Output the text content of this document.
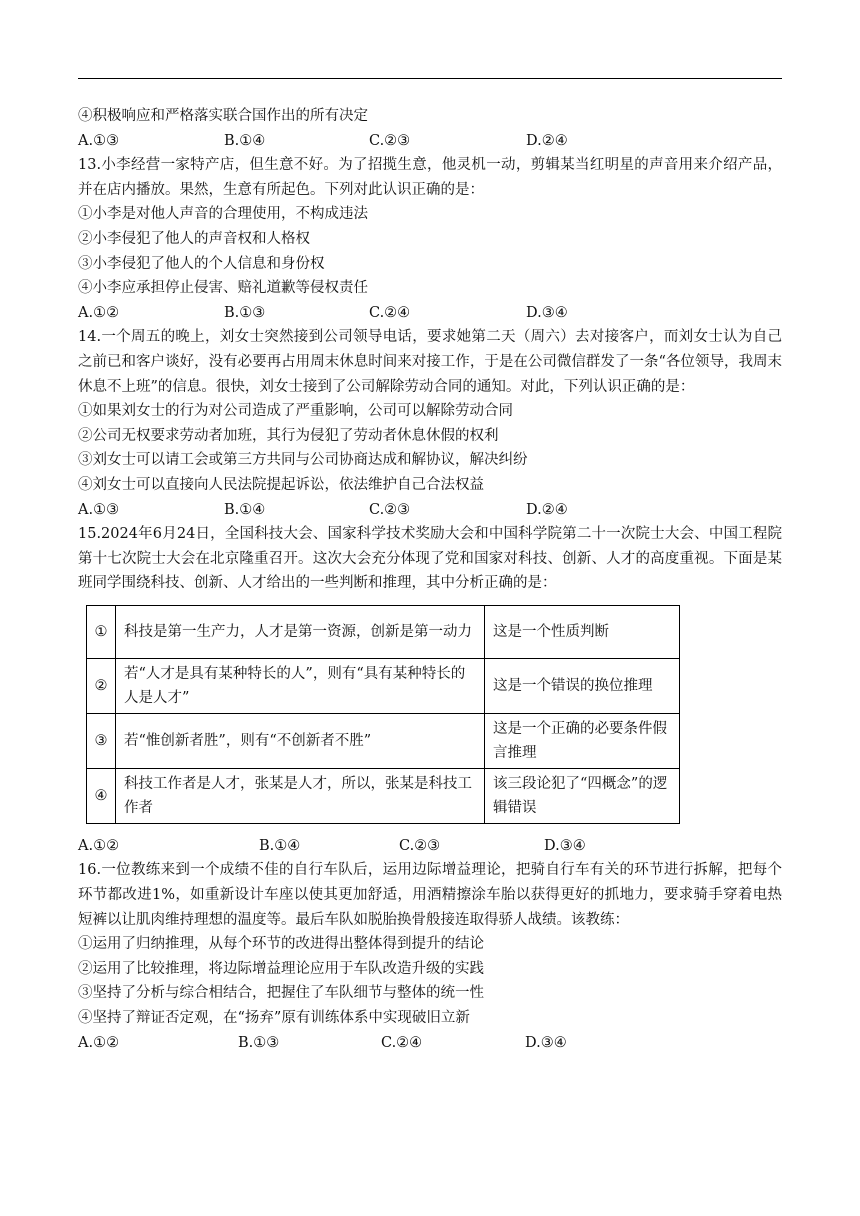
④积极响应和严格落实联合国作出的所有决定
A.①③	B.①④	C.②③	D.②④
13.小李经营一家特产店，但生意不好。为了招揽生意，他灵机一动，剪辑某当红明星的声音用来介绍产品，并在店内播放。果然，生意有所起色。下列对此认识正确的是：
①小李是对他人声音的合理使用，不构成违法
②小李侵犯了他人的声音权和人格权
③小李侵犯了他人的个人信息和身份权
④小李应承担停止侵害、赔礼道歉等侵权责任
A.①②	B.①③	C.②④	D.③④
14.一个周五的晚上，刘女士突然接到公司领导电话，要求她第二天（周六）去对接客户，而刘女士认为自己之前已和客户谈好，没有必要再占用周末休息时间来对接工作，于是在公司微信群发了一条“各位领导，我周末休息不上班”的信息。很快，刘女士接到了公司解除劳动合同的通知。对此，下列认识正确的是：
①如果刘女士的行为对公司造成了严重影响，公司可以解除劳动合同
②公司无权要求劳动者加班，其行为侵犯了劳动者休息休假的权利
③刘女士可以请工会或第三方共同与公司协商达成和解协议，解决纠纷
④刘女士可以直接向人民法院提起诉讼，依法维护自己合法权益
A.①③	B.①④	C.②③	D.②④
15.2024年6月24日，全国科技大会、国家科学技术奖励大会和中国科学院第二十一次院士大会、中国工程院第十七次院士大会在北京隆重召开。这次大会充分体现了党和国家对科技、创新、人才的高度重视。下面是某班同学围绕科技、创新、人才给出的一些判断和推理，其中分析正确的是：
①	科技是第一生产力，人才是第一资源，创新是第一动力	这是一个性质判断
②	若“人才是具有某种特长的人”，则有“具有某种特长的人是人才”	这是一个错误的换位推理
③	若“惟创新者胜”，则有“不创新者不胜”	这是一个正确的必要条件假言推理
④	科技工作者是人才，张某是人才，所以，张某是科技工作者	该三段论犯了“四概念”的逻辑错误
A.①②	B.①④	C.②③	D.③④
16.一位教练来到一个成绩不佳的自行车队后，运用边际增益理论，把骑自行车有关的环节进行拆解，把每个环节都改进1%，如重新设计车座以使其更加舒适，用酒精擦涂车胎以获得更好的抓地力，要求骑手穿着电热短裤以让肌肉维持理想的温度等。最后车队如脱胎换骨般接连取得骄人战绩。该教练：
①运用了归纳推理，从每个环节的改进得出整体得到提升的结论
②运用了比较推理，将边际增益理论应用于车队改造升级的实践
③坚持了分析与综合相结合，把握住了车队细节与整体的统一性
④坚持了辩证否定观，在“扬弃”原有训练体系中实现破旧立新
A.①②	B.①③	C.②④	D.③④
